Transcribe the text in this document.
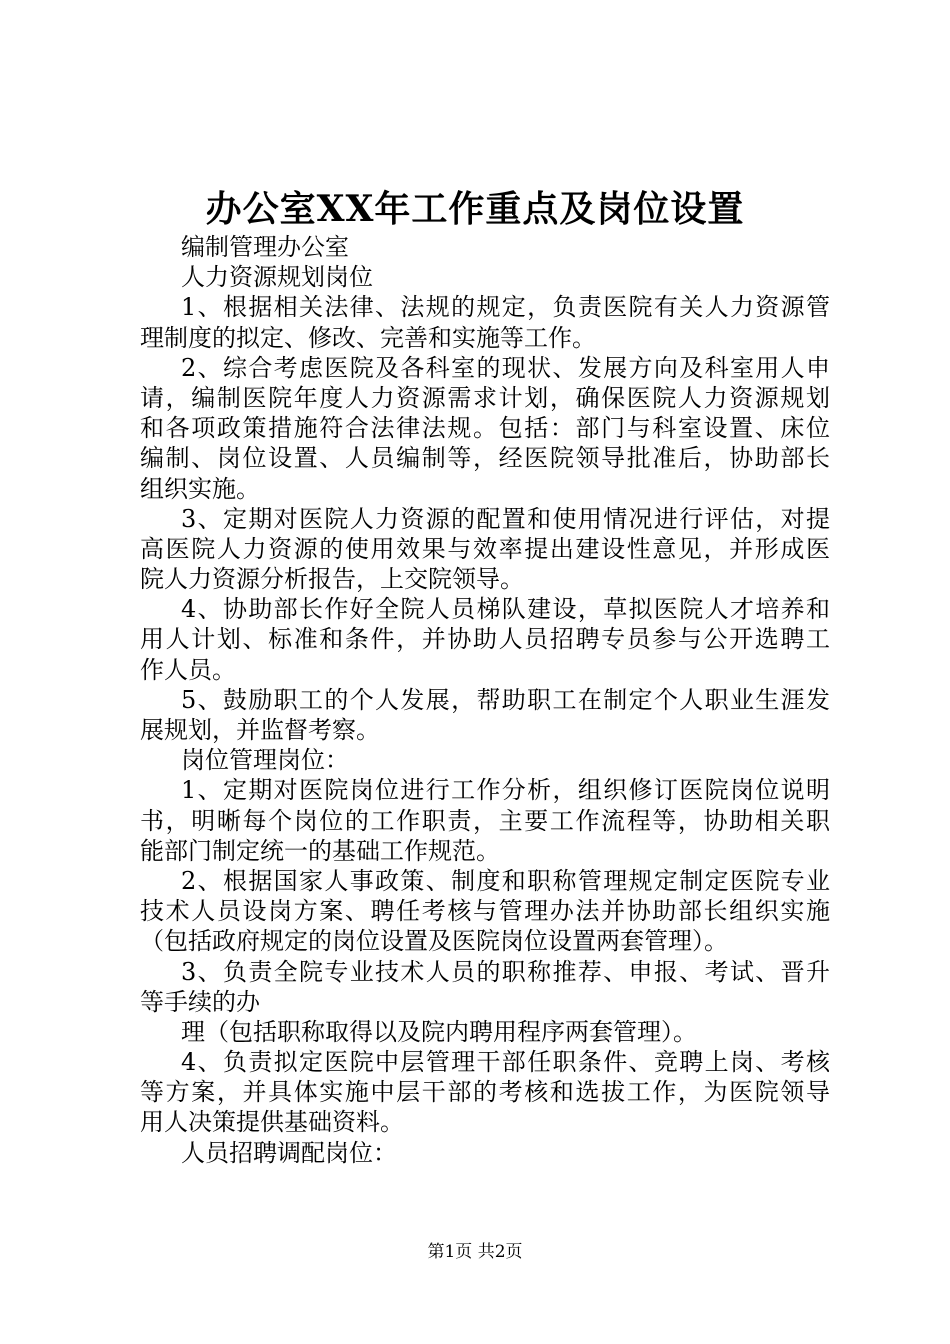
办公室XX年工作重点及岗位设置
编制管理办公室
人力资源规划岗位
1、根据相关法律、法规的规定，负责医院有关人力资源管
理制度的拟定、修改、完善和实施等工作。
2、综合考虑医院及各科室的现状、发展方向及科室用人申
请，编制医院年度人力资源需求计划，确保医院人力资源规划
和各项政策措施符合法律法规。包括：部门与科室设置、床位
编制、岗位设置、人员编制等，经医院领导批准后，协助部长
组织实施。
3、定期对医院人力资源的配置和使用情况进行评估，对提
高医院人力资源的使用效果与效率提出建设性意见，并形成医
院人力资源分析报告，上交院领导。
4、协助部长作好全院人员梯队建设，草拟医院人才培养和
用人计划、标准和条件，并协助人员招聘专员参与公开选聘工
作人员。
5、鼓励职工的个人发展，帮助职工在制定个人职业生涯发
展规划，并监督考察。
岗位管理岗位：
1、定期对医院岗位进行工作分析，组织修订医院岗位说明
书，明晰每个岗位的工作职责，主要工作流程等，协助相关职
能部门制定统一的基础工作规范。
2、根据国家人事政策、制度和职称管理规定制定医院专业
技术人员设岗方案、聘任考核与管理办法并协助部长组织实施
（包括政府规定的岗位设置及医院岗位设置两套管理）。
3、负责全院专业技术人员的职称推荐、申报、考试、晋升
等手续的办
理（包括职称取得以及院内聘用程序两套管理）。
4、负责拟定医院中层管理干部任职条件、竞聘上岗、考核
等方案，并具体实施中层干部的考核和选拔工作，为医院领导
用人决策提供基础资料。
人员招聘调配岗位：
第1页 共2页
